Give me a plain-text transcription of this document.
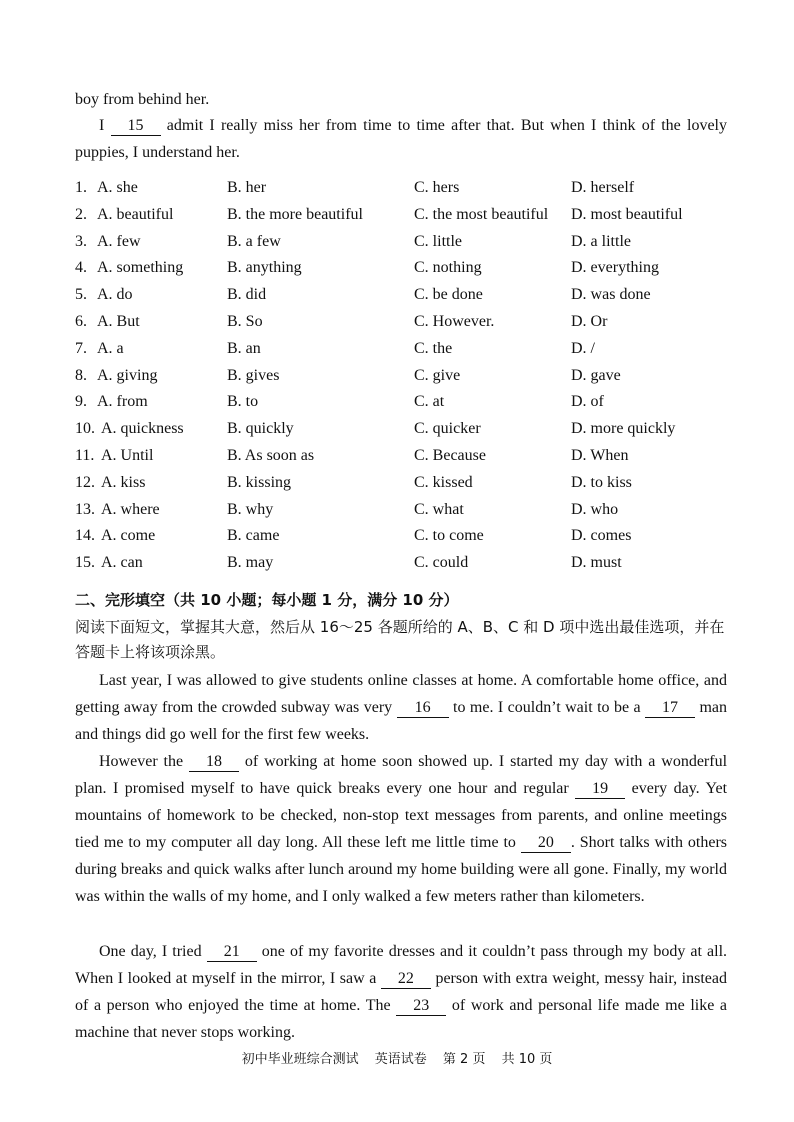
boy from behind her.
I 15 admit I really miss her from time to time after that. But when I think of the lovely puppies, I understand her.
1. A. she	B. her	C. hers	D. herself
2. A. beautiful	B. the more beautiful	C. the most beautiful D. most beautiful
3. A. few	B. a few	C. little	D. a little
4. A. something	B. anything	C. nothing	D. everything
5. A. do	B. did	C. be done	D. was done
6. A. But	B. So	C. However.	D. Or
7. A. a	B. an	C. the	D. /
8. A. giving	B. gives	C. give	D. gave
9. A. from	B. to	C. at	D. of
10. A. quickness	B. quickly	C. quicker	D. more quickly
11. A. Until	B. As soon as	C. Because	D. When
12. A. kiss	B. kissing	C. kissed	D. to kiss
13. A. where	B. why	C. what	D. who
14. A. come	B. came	C. to come	D. comes
15. A. can	B. may	C. could	D. must
二、完形填空（共 10 小题；每小题 1 分，满分 10 分）
阅读下面短文，掌握其大意，然后从 16～25 各题所给的 A、B、C 和 D 项中选出最佳选项，并在答题卡上将该项涂黑。
Last year, I was allowed to give students online classes at home. A comfortable home office, and getting away from the crowded subway was very 16 to me. I couldn’t wait to be a 17 man and things did go well for the first few weeks.
However the 18 of working at home soon showed up. I started my day with a wonderful plan. I promised myself to have quick breaks every one hour and regular 19 every day. Yet mountains of homework to be checked, non-stop text messages from parents, and online meetings tied me to my computer all day long. All these left me little time to 20 . Short talks with others during breaks and quick walks after lunch around my home building were all gone. Finally, my world was within the walls of my home, and I only walked a few meters rather than kilometers.
One day, I tried 21 one of my favorite dresses and it couldn’t pass through my body at all. When I looked at myself in the mirror, I saw a 22 person with extra weight, messy hair, instead of a person who enjoyed the time at home. The 23 of work and personal life made me like a machine that never stops working.
初中毕业班综合测试 英语试卷 第 2 页 共 10 页
